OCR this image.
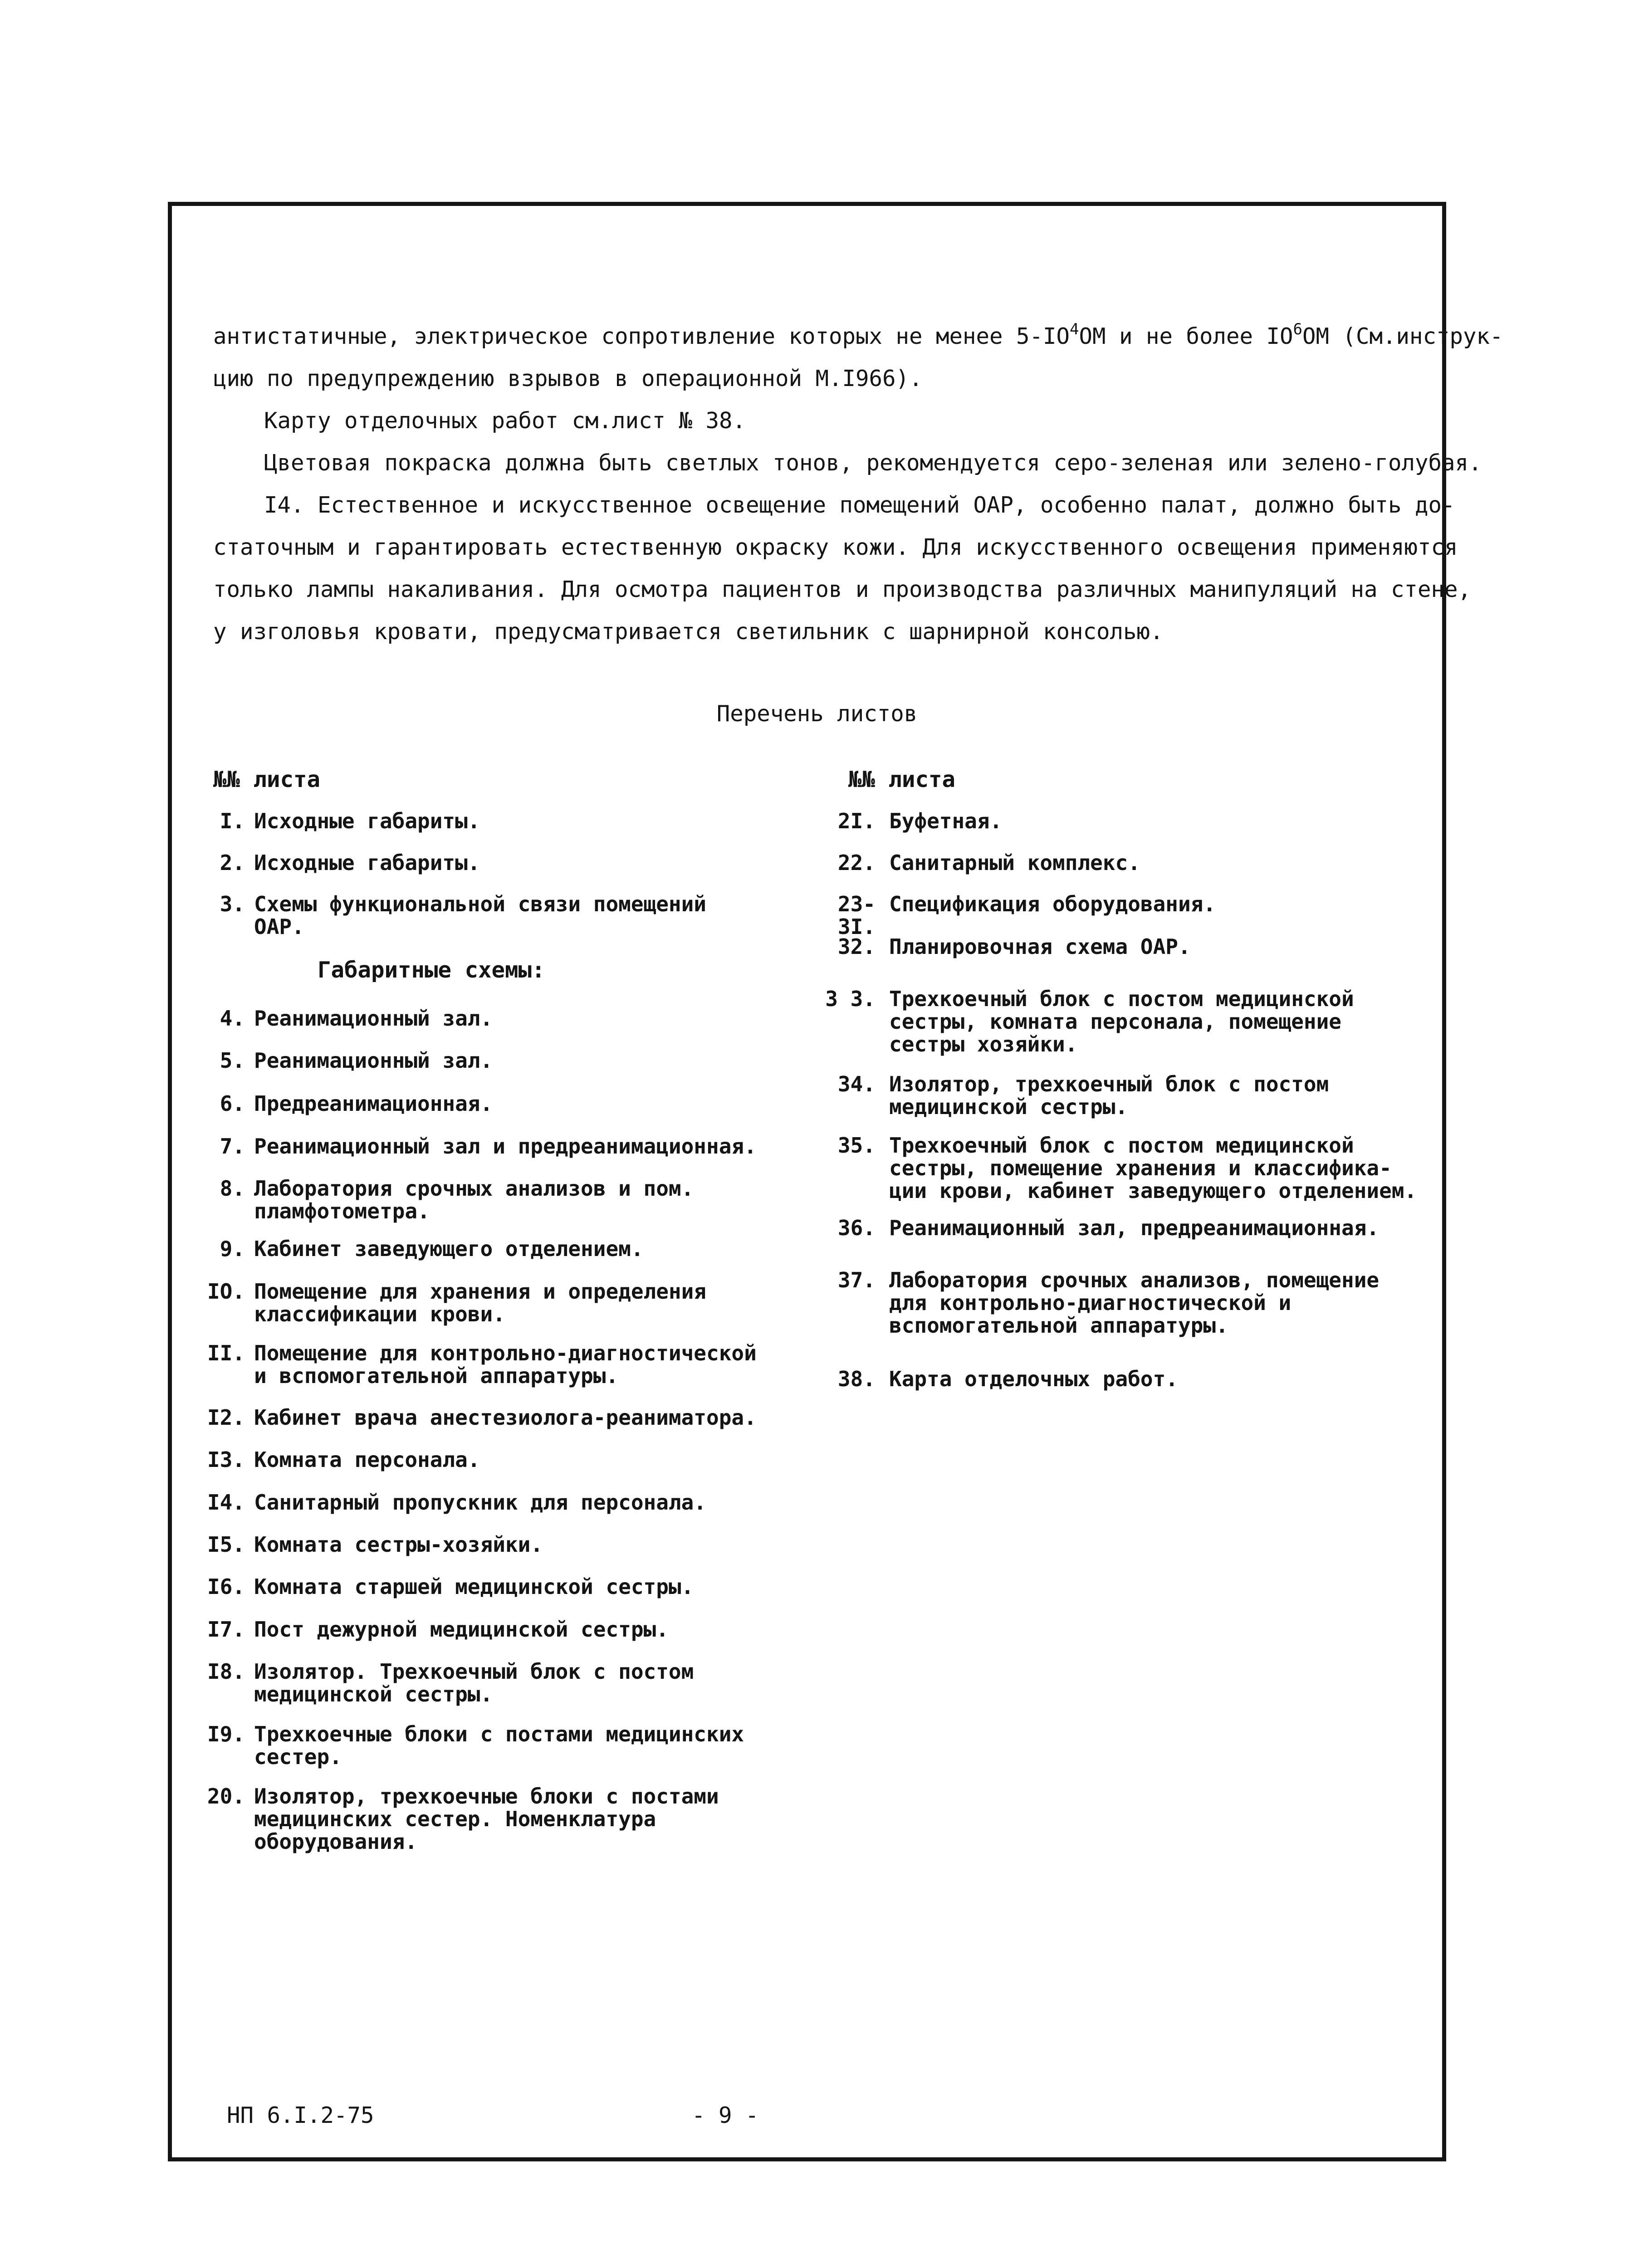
антистатичные, электрическое сопротивление которых не менее $5-IO^4OM$ и не более $IO^6OM$ (См.инструк-

цию по предупреждению взрывов в операционной М.I966).

Карту отделочных работ см.лист № 38.

Цветовая покраска должна быть светлых тонов, рекомендуется серо-зеленая или зелено-голубая.

I4. Естественное и искусственное освещение помещений ОАР, особенно палат, должно быть до-

статочным и гарантировать естественную окраску кожи. Для искусственного освещения применяются

только лампы накаливания. Для осмотра пациентов и производства различных манипуляций на стене,

у изголовья кровати, предусматривается светильник с шарнирной консолью.

Перечень листов

№№ листа	№№ листа

Габаритные схемы:

I. Исходные габариты.
2. Исходные габариты.
3. Схемы функциональной связи помещений
ОАР.
4. Реанимационный зал.
5. Реанимационный зал.
6. Предреанимационная.
7. Реанимационный зал и предреанимационная.
8. Лаборатория срочных анализов и пом.
пламфотометра.
9. Кабинет заведующего отделением.
IO. Помещение для хранения и определения
классификации крови.
II. Помещение для контрольно-диагностической
и вспомогательной аппаратуры.
I2. Кабинет врача анестезиолога-реаниматора.
I3. Комната персонала.
I4. Санитарный пропускник для персонала.
I5. Комната сестры-хозяйки.
I6. Комната старшей медицинской сестры.
I7. Пост дежурной медицинской сестры.
I8. Изолятор. Трехкоечный блок с постом
медицинской сестры.
I9. Трехкоечные блоки с постами медицинских
сестер.
20. Изолятор, трехкоечные блоки с постами
медицинских сестер. Номенклатура
оборудования.
2I. Буфетная.
22. Санитарный комплекс.
23-3I.
Спецификация оборудования.
32. Планировочная схема ОАР.
3 3. Трехкоечный блок с постом медицинской
сестры, комната персонала, помещение
сестры хозяйки.
34. Изолятор, трехкоечный блок с постом
медицинской сестры.
35. Трехкоечный блок с постом медицинской
сестры, помещение хранения и классифика-
ции крови, кабинет заведующего отделением.
36. Реанимационный зал, предреанимационная.
37. Лаборатория срочных анализов, помещение
для контрольно-диагностической и
вспомогательной аппаратуры.
38. Карта отделочных работ.

НП 6.I.2-75	- 9 -
